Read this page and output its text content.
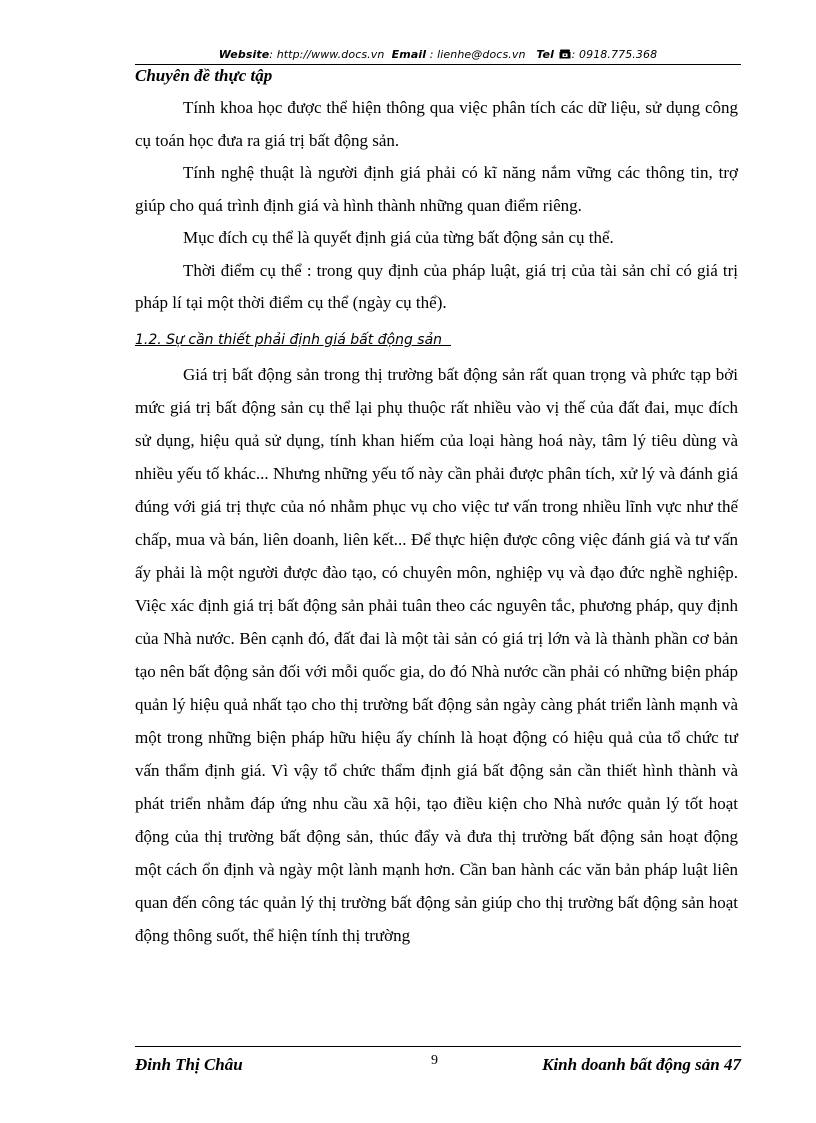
Website: http://www.docs.vn Email : lienhe@docs.vn Tel : 0918.775.368
Chuyên đề thực tập

Tính khoa học được thể hiện thông qua việc phân tích các dữ liệu, sử dụng công cụ toán học đưa ra giá trị bất động sản.

Tính nghệ thuật là người định giá phải có kĩ năng nắm vững các thông tin, trợ giúp cho quá trình định giá và hình thành những quan điểm riêng.

Mục đích cụ thể là quyết định giá của từng bất động sản cụ thể.

Thời điểm cụ thể : trong quy định của pháp luật, giá trị của tài sản chỉ có giá trị pháp lí tại một thời điểm cụ thể (ngày cụ thể).

1.2. Sự cần thiết phải định giá bất động sản

Giá trị bất động sản trong thị trường bất động sản rất quan trọng và phức tạp bởi mức giá trị bất động sản cụ thể lại phụ thuộc rất nhiều vào vị thế của đất đai, mục đích sử dụng, hiệu quả sử dụng, tính khan hiếm của loại hàng hoá này, tâm lý tiêu dùng và nhiều yếu tố khác... Nhưng những yếu tố này cần phải được phân tích, xử lý và đánh giá đúng với giá trị thực của nó nhằm phục vụ cho việc tư vấn trong nhiều lĩnh vực như thế chấp, mua và bán, liên doanh, liên kết... Để thực hiện được công việc đánh giá và tư vấn ấy phải là một người được đào tạo, có chuyên môn, nghiệp vụ và đạo đức nghề nghiệp. Việc xác định giá trị bất động sản phải tuân theo các nguyên tắc, phương pháp, quy định của Nhà nước. Bên cạnh đó, đất đai là một tài sản có giá trị lớn và là thành phần cơ bản tạo nên bất động sản đối với mỗi quốc gia, do đó Nhà nước cần phải có những biện pháp quản lý hiệu quả nhất tạo cho thị trường bất động sản ngày càng phát triển lành mạnh và một trong những biện pháp hữu hiệu ấy chính là hoạt động có hiệu quả của tổ chức tư vấn thẩm định giá. Vì vậy tổ chức thẩm định giá bất động sản cần thiết hình thành và phát triển nhằm đáp ứng nhu cầu xã hội, tạo điều kiện cho Nhà nước quản lý tốt hoạt động của thị trường bất động sản, thúc đẩy và đưa thị trường bất động sản hoạt động một cách ổn định và ngày một lành mạnh hơn. Cần ban hành các văn bản pháp luật liên quan đến công tác quản lý thị trường bất động sản giúp cho thị trường bất động sản hoạt động thông suốt, thể hiện tính thị trường

Đinh Thị Châu	9	Kinh doanh bất động sản 47
